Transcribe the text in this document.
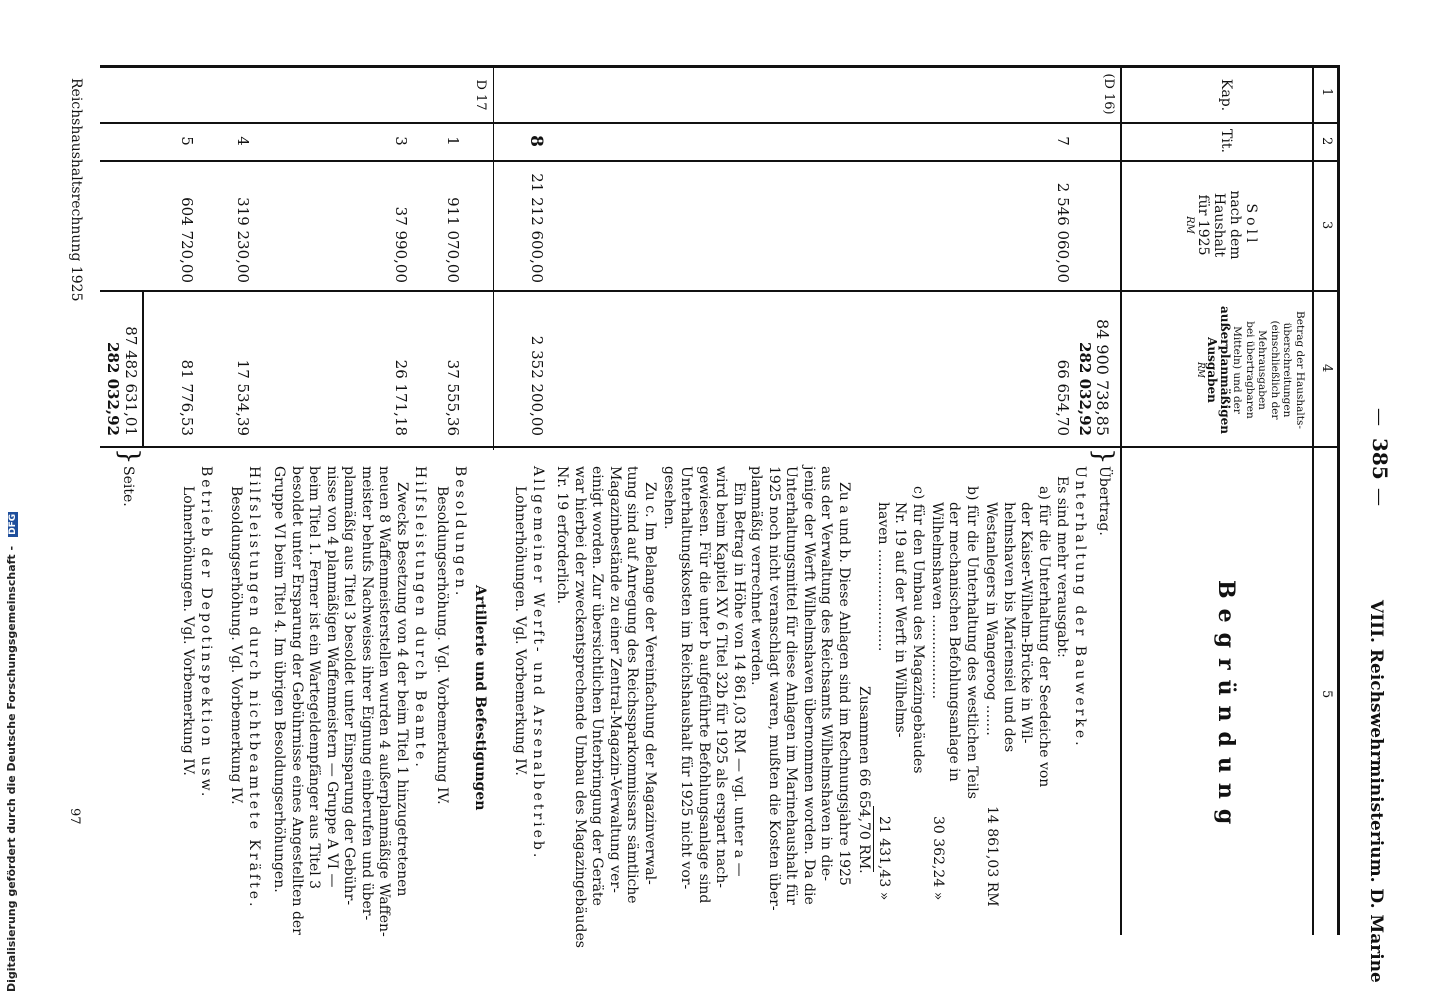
385
—
—
VIII. Reichswehrministerium. D. Marine
1
2
3
4
5
Kap.
Tit.
Soll
nach dem
Haushalt
für 1925
RM
Betrag der Haushalts-
überschreitungen
(einschließlich der
Mehrausgaben
bei übertragbaren
Mitteln) und der
außerplanmäßigen
Ausgaben
RM
Begründung
(D 16)
84 900 738,85
282 032,92
}
Übertrag.
7
2 546 060,00
66 654,70
Unterhaltung der Bauwerke.
Es sind mehr verausgabt:
a) für die Unterhaltung der Seedeiche von
der Kaiser-Wilhelm-Brücke in Wil-
helmshaven bis Mariensiel und des
Westanlegers in Wangeroog .......
14 861,03 RM
b) für die Unterhaltung des westlichen Teils
der mechanischen Befohlungsanlage in
Wilhelmshaven ...................
30 362,24 »
c) für den Umbau des Magazingebäudes
Nr. 19 auf der Werft in Wilhelms-
haven .......................
21 431,43 »
Zusammen 66 654,70 RM.
Zu a und b. Diese Anlagen sind im Rechnungsjahre 1925
aus der Verwaltung des Reichsamts Wilhelmshaven in die-
jenige der Werft Wilhelmshaven übernommen worden. Da die
Unterhaltungsmittel für diese Anlagen im Marinehaushalt für
1925 noch nicht veranschlagt waren, mußten die Kosten über-
planmäßig verrechnet werden.
Ein Betrag in Höhe von 14 861,03 RM — vgl. unter a —
wird beim Kapitel XV 6 Titel 32b für 1925 als erspart nach-
gewiesen. Für die unter b aufgeführte Befohlungsanlage sind
Unterhaltungskosten im Reichshaushalt für 1925 nicht vor-
gesehen.
Zu c. Im Belange der Vereinfachung der Magazinverwal-
tung sind auf Anregung des Reichssparkommissars sämtliche
Magazinbestände zu einer Zentral-Magazin-Verwaltung ver-
einigt worden. Zur übersichtlichen Unterbringung der Geräte
war hierbei der zweckentsprechende Umbau des Magazingebäudes
Nr. 19 erforderlich.
8
21 212 600,00
2 352 200,00
Allgemeiner Werft- und Arsenalbetrieb.
Lohnerhöhungen. Vgl. Vorbemerkung IV.
D 17
Artillerie und Befestigungen
1
911 070,00
37 555,36
Besoldungen.
Besoldungserhöhung. Vgl. Vorbemerkung IV.
3
37 990,00
26 171,18
Hilfsleistungen durch Beamte.
Zwecks Besetzung von 4 der beim Titel 1 hinzugetretenen
neuen 8 Waffenmeisterstellen wurden 4 außerplanmäßige Waffen-
meister behufs Nachweises ihrer Eignung einberufen und über-
planmäßig aus Titel 3 besoldet unter Einsparung der Gebühr-
nisse von 4 planmäßigen Waffenmeistern — Gruppe A VI —
beim Titel 1. Ferner ist ein Wartegeldempfänger aus Titel 3
besoldet unter Ersparung der Gebührnisse eines Angestellten der
Gruppe VI beim Titel 4. Im übrigen Besoldungserhöhungen.
4
319 230,00
17 534,39
Hilfsleistungen durch nichtbeamtete Kräfte.
Besoldungserhöhung. Vgl. Vorbemerkung IV.
5
604 720,00
81 776,53
Betrieb der Depotinspektion usw.
Lohnerhöhungen. Vgl. Vorbemerkung IV.
87 482 631,01
282 032,92
}
Seite.
Reichshaushaltsrechnung 1925
97
Digitalisierung gefördert durch die Deutsche Forschungsgemeinschaft - DFG
